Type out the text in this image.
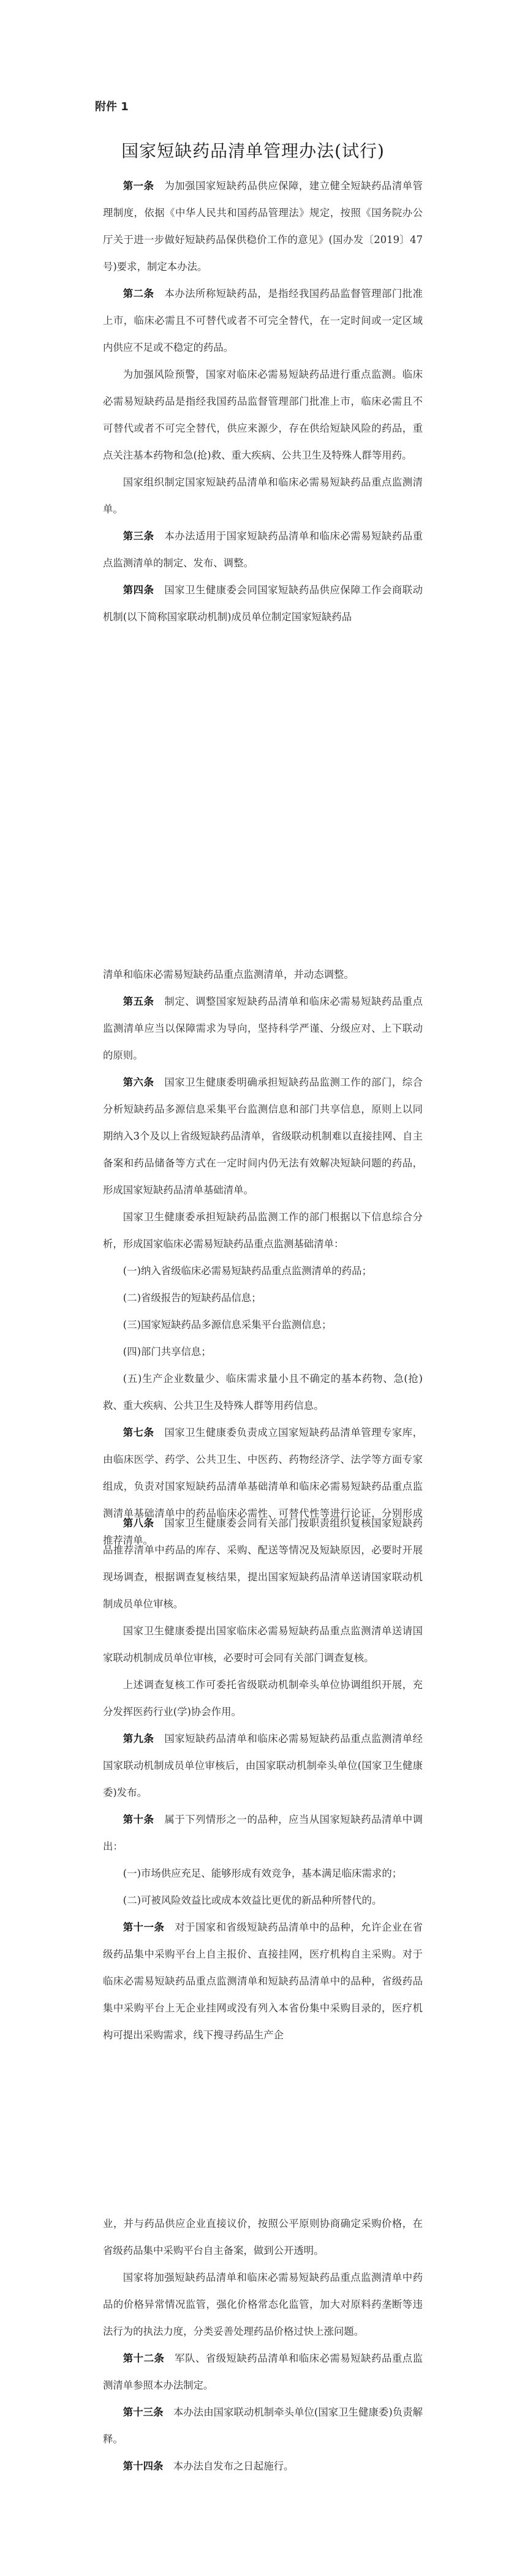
附件 1
国家短缺药品清单管理办法(试行)

第一条　 为加强国家短缺药品供应保障，建立健全短缺药品清单管理制度，依据《中华人民共和国药品管理法》规定，按照《国务院办公厅关于进一步做好短缺药品保供稳价工作的意见》(国办发〔2019〕47号)要求，制定本办法。

第二条　 本办法所称短缺药品，是指经我国药品监督管理部门批准上市，临床必需且不可替代或者不可完全替代，在一定时间或一定区域内供应不足或不稳定的药品。

为加强风险预警，国家对临床必需易短缺药品进行重点监测。临床必需易短缺药品是指经我国药品监督管理部门批准上市，临床必需且不可替代或者不可完全替代，供应来源少，存在供给短缺风险的药品，重点关注基本药物和急(抢)救、重大疾病、公共卫生及特殊人群等用药。

国家组织制定国家短缺药品清单和临床必需易短缺药品重点监测清单。

第三条　 本办法适用于国家短缺药品清单和临床必需易短缺药品重点监测清单的制定、发布、调整。

第四条　 国家卫生健康委会同国家短缺药品供应保障工作会商联动机制(以下简称国家联动机制)成员单位制定国家短缺药品

清单和临床必需易短缺药品重点监测清单，并动态调整。

第五条　 制定、调整国家短缺药品清单和临床必需易短缺药品重点监测清单应当以保障需求为导向，坚持科学严谨、分级应对、上下联动的原则。

第六条　 国家卫生健康委明确承担短缺药品监测工作的部门，综合分析短缺药品多源信息采集平台监测信息和部门共享信息，原则上以同期纳入3个及以上省级短缺药品清单，省级联动机制难以直接挂网、自主备案和药品储备等方式在一定时间内仍无法有效解决短缺问题的药品，形成国家短缺药品清单基础清单。

国家卫生健康委承担短缺药品监测工作的部门根据以下信息综合分析，形成国家临床必需易短缺药品重点监测基础清单：

(一)纳入省级临床必需易短缺药品重点监测清单的药品；

(二)省级报告的短缺药品信息；

(三)国家短缺药品多源信息采集平台监测信息；

(四)部门共享信息；

(五)生产企业数量少、临床需求量小且不确定的基本药物、急(抢)救、重大疾病、公共卫生及特殊人群等用药信息。

第七条　 国家卫生健康委负责成立国家短缺药品清单管理专家库，由临床医学、药学、公共卫生、中医药、药物经济学、法学等方面专家组成，负责对国家短缺药品清单基础清单和临床必需易短缺药品重点监测清单基础清单中的药品临床必需性、可替代性等进行论证，分别形成推荐清单。

第八条　 国家卫生健康委会同有关部门按职责组织复核国家短缺药品推荐清单中药品的库存、采购、配送等情况及短缺原因，必要时开展现场调查，根据调查复核结果，提出国家短缺药品清单送请国家联动机制成员单位审核。

国家卫生健康委提出国家临床必需易短缺药品重点监测清单送请国家联动机制成员单位审核，必要时可会同有关部门调查复核。

上述调查复核工作可委托省级联动机制牵头单位协调组织开展，充分发挥医药行业(学)协会作用。

第九条　 国家短缺药品清单和临床必需易短缺药品重点监测清单经国家联动机制成员单位审核后，由国家联动机制牵头单位(国家卫生健康委)发布。

第十条　 属于下列情形之一的品种，应当从国家短缺药品清单中调出：

(一)市场供应充足、能够形成有效竞争，基本满足临床需求的；

(二)可被风险效益比或成本效益比更优的新品种所替代的。

第十一条　 对于国家和省级短缺药品清单中的品种，允许企业在省级药品集中采购平台上自主报价、直接挂网，医疗机构自主采购。对于临床必需易短缺药品重点监测清单和短缺药品清单中的品种，省级药品集中采购平台上无企业挂网或没有列入本省份集中采购目录的，医疗机构可提出采购需求，线下搜寻药品生产企

业，并与药品供应企业直接议价，按照公平原则协商确定采购价格，在省级药品集中采购平台自主备案，做到公开透明。

国家将加强短缺药品清单和临床必需易短缺药品重点监测清单中药品的价格异常情况监管，强化价格常态化监管，加大对原料药垄断等违法行为的执法力度，分类妥善处理药品价格过快上涨问题。

第十二条　 军队、省级短缺药品清单和临床必需易短缺药品重点监测清单参照本办法制定。

第十三条　 本办法由国家联动机制牵头单位(国家卫生健康委)负责解释。

第十四条　 本办法自发布之日起施行。
